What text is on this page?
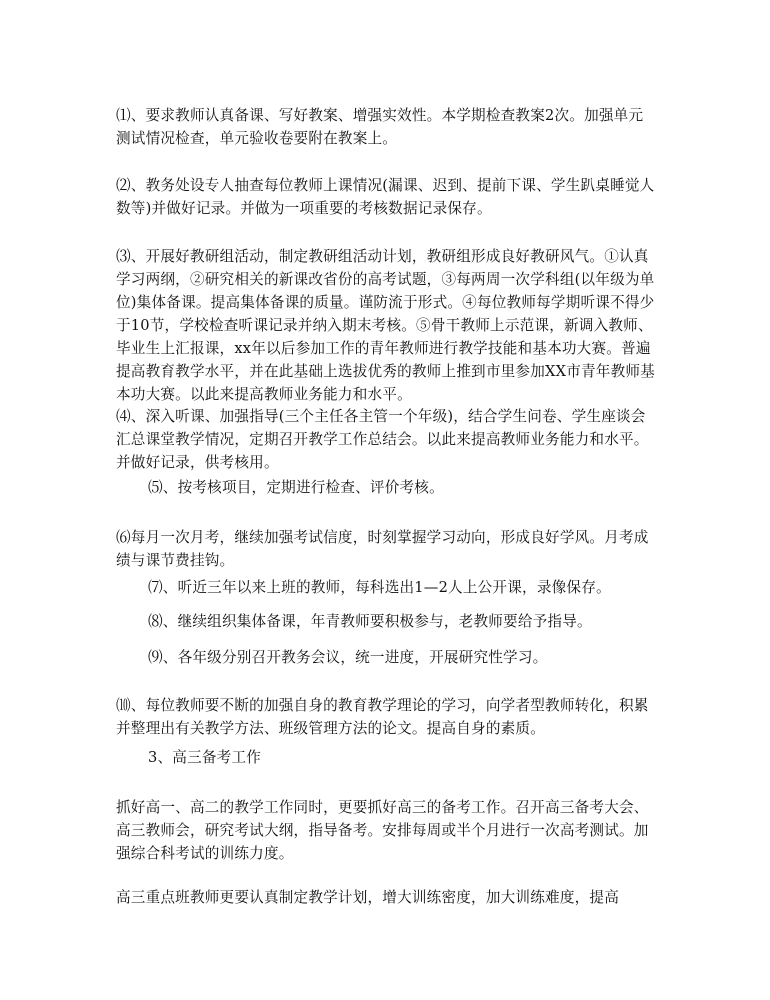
⑴、要求教师认真备课、写好教案、增强实效性。本学期检查教案2次。加强单元测试情况检查，单元验收卷要附在教案上。

⑵、教务处设专人抽查每位教师上课情况(漏课、迟到、提前下课、学生趴桌睡觉人数等)并做好记录。并做为一项重要的考核数据记录保存。

⑶、开展好教研组活动，制定教研组活动计划，教研组形成良好教研风气。①认真学习两纲，②研究相关的新课改省份的高考试题，③每两周一次学科组(以年级为单位)集体备课。提高集体备课的质量。谨防流于形式。④每位教师每学期听课不得少于10节，学校检查听课记录并纳入期末考核。⑤骨干教师上示范课，新调入教师、毕业生上汇报课，xx年以后参加工作的青年教师进行教学技能和基本功大赛。普遍提高教育教学水平，并在此基础上选拔优秀的教师上推到市里参加XX市青年教师基本功大赛。以此来提高教师业务能力和水平。

⑷、深入听课、加强指导(三个主任各主管一个年级)，结合学生问卷、学生座谈会汇总课堂教学情况，定期召开教学工作总结会。以此来提高教师业务能力和水平。并做好记录，供考核用。

⑸、按考核项目，定期进行检查、评价考核。

⑹每月一次月考，继续加强考试信度，时刻掌握学习动向，形成良好学风。月考成绩与课节费挂钩。

⑺、听近三年以来上班的教师，每科选出1—2人上公开课，录像保存。

⑻、继续组织集体备课，年青教师要积极参与，老教师要给予指导。

⑼、各年级分别召开教务会议，统一进度，开展研究性学习。

⑽、每位教师要不断的加强自身的教育教学理论的学习，向学者型教师转化，积累并整理出有关教学方法、班级管理方法的论文。提高自身的素质。

3、高三备考工作

抓好高一、高二的教学工作同时，更要抓好高三的备考工作。召开高三备考大会、高三教师会，研究考试大纲，指导备考。安排每周或半个月进行一次高考测试。加强综合科考试的训练力度。

高三重点班教师更要认真制定教学计划，增大训练密度，加大训练难度，提高
